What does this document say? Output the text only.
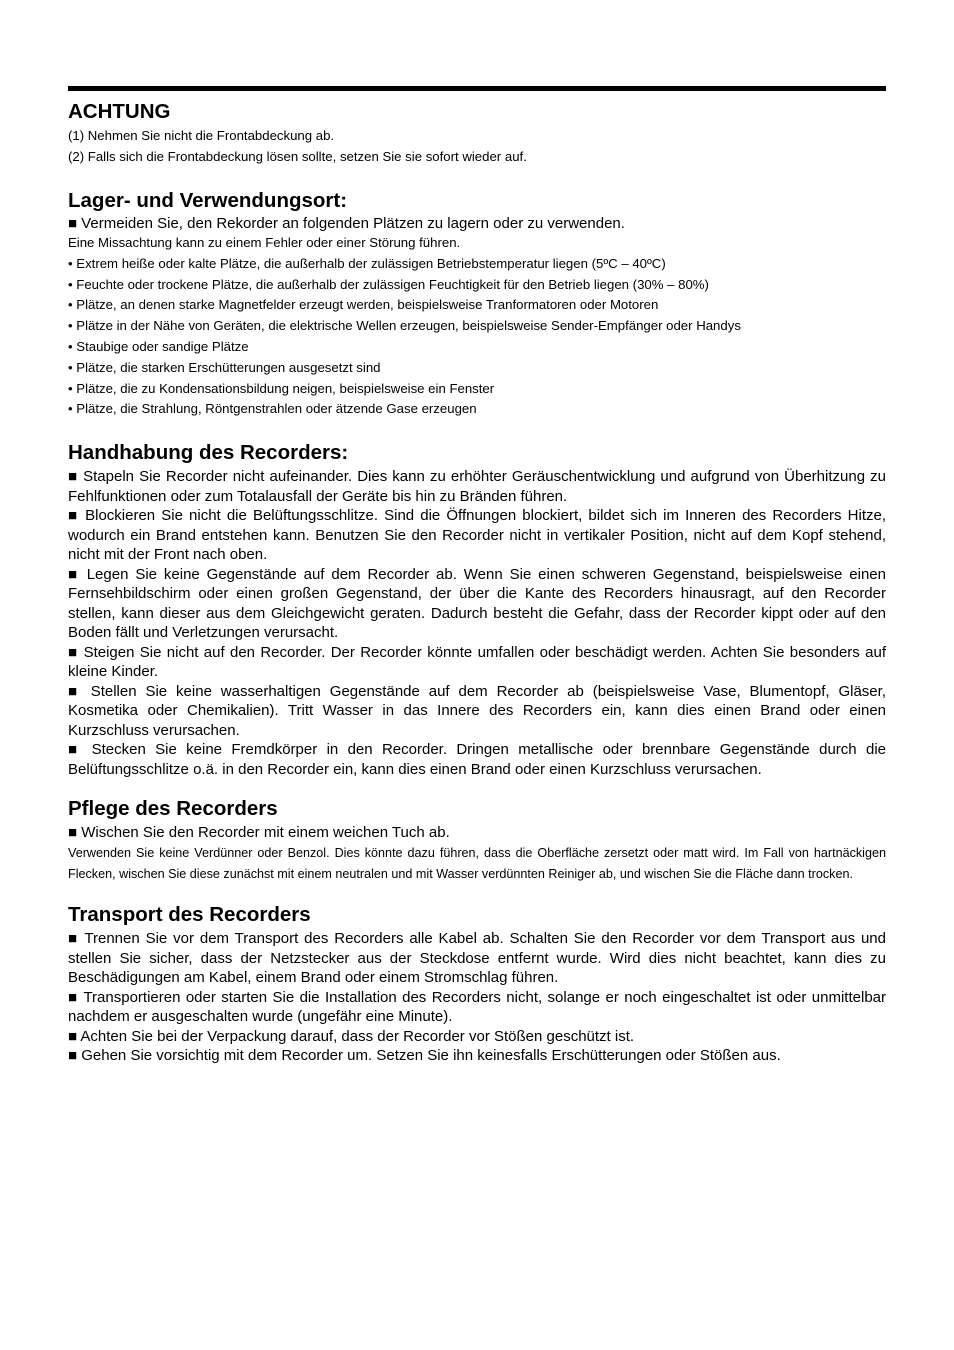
ACHTUNG

(1) Nehmen Sie nicht die Frontabdeckung ab.

(2) Falls sich die Frontabdeckung lösen sollte, setzen Sie sie sofort wieder auf.

Lager- und Verwendungsort:

■ Vermeiden Sie, den Rekorder an folgenden Plätzen zu lagern oder zu verwenden.

Eine Missachtung kann zu einem Fehler oder einer Störung führen.

• Extrem heiße oder kalte Plätze, die außerhalb der zulässigen Betriebstemperatur liegen (5ºC – 40ºC)

• Feuchte oder trockene Plätze, die außerhalb der zulässigen Feuchtigkeit für den Betrieb liegen (30% – 80%)

• Plätze, an denen starke Magnetfelder erzeugt werden, beispielsweise Tranformatoren oder Motoren

• Plätze in der Nähe von Geräten, die elektrische Wellen erzeugen, beispielsweise Sender-Empfänger oder Handys

• Staubige oder sandige Plätze

• Plätze, die starken Erschütterungen ausgesetzt sind

• Plätze, die zu Kondensationsbildung neigen, beispielsweise ein Fenster

• Plätze, die Strahlung, Röntgenstrahlen oder ätzende Gase erzeugen

Handhabung des Recorders:

■ Stapeln Sie Recorder nicht aufeinander. Dies kann zu erhöhter Geräuschentwicklung und aufgrund von Überhitzung zu Fehlfunktionen oder zum Totalausfall der Geräte bis hin zu Bränden führen.

■ Blockieren Sie nicht die Belüftungsschlitze. Sind die Öffnungen blockiert, bildet sich im Inneren des Recorders Hitze, wodurch ein Brand entstehen kann. Benutzen Sie den Recorder nicht in vertikaler Position, nicht auf dem Kopf stehend, nicht mit der Front nach oben.

■ Legen Sie keine Gegenstände auf dem Recorder ab. Wenn Sie einen schweren Gegenstand, beispielsweise einen Fernsehbildschirm oder einen großen Gegenstand, der über die Kante des Recorders hinausragt, auf den Recorder stellen, kann dieser aus dem Gleichgewicht geraten. Dadurch besteht die Gefahr, dass der Recorder kippt oder auf den Boden fällt und Verletzungen verursacht.

■ Steigen Sie nicht auf den Recorder. Der Recorder könnte umfallen oder beschädigt werden. Achten Sie besonders auf kleine Kinder.

■ Stellen Sie keine wasserhaltigen Gegenstände auf dem Recorder ab (beispielsweise Vase, Blumentopf, Gläser, Kosmetika oder Chemikalien). Tritt Wasser in das Innere des Recorders ein, kann dies einen Brand oder einen Kurzschluss verursachen.

■ Stecken Sie keine Fremdkörper in den Recorder. Dringen metallische oder brennbare Gegenstände durch die Belüftungsschlitze o.ä. in den Recorder ein, kann dies einen Brand oder einen Kurzschluss verursachen.

Pflege des Recorders

■ Wischen Sie den Recorder mit einem weichen Tuch ab.

Verwenden Sie keine Verdünner oder Benzol. Dies könnte dazu führen, dass die Oberfläche zersetzt oder matt wird. Im Fall von hartnäckigen Flecken, wischen Sie diese zunächst mit einem neutralen und mit Wasser verdünnten Reiniger ab, und wischen Sie die Fläche dann trocken.

Transport des Recorders

■ Trennen Sie vor dem Transport des Recorders alle Kabel ab. Schalten Sie den Recorder vor dem Transport aus und stellen Sie sicher, dass der Netzstecker aus der Steckdose entfernt wurde. Wird dies nicht beachtet, kann dies zu Beschädigungen am Kabel, einem Brand oder einem Stromschlag führen.

■ Transportieren oder starten Sie die Installation des Recorders nicht, solange er noch eingeschaltet ist oder unmittelbar nachdem er ausgeschalten wurde (ungefähr eine Minute).

■ Achten Sie bei der Verpackung darauf, dass der Recorder vor Stößen geschützt ist.

■ Gehen Sie vorsichtig mit dem Recorder um. Setzen Sie ihn keinesfalls Erschütterungen oder Stößen aus.
